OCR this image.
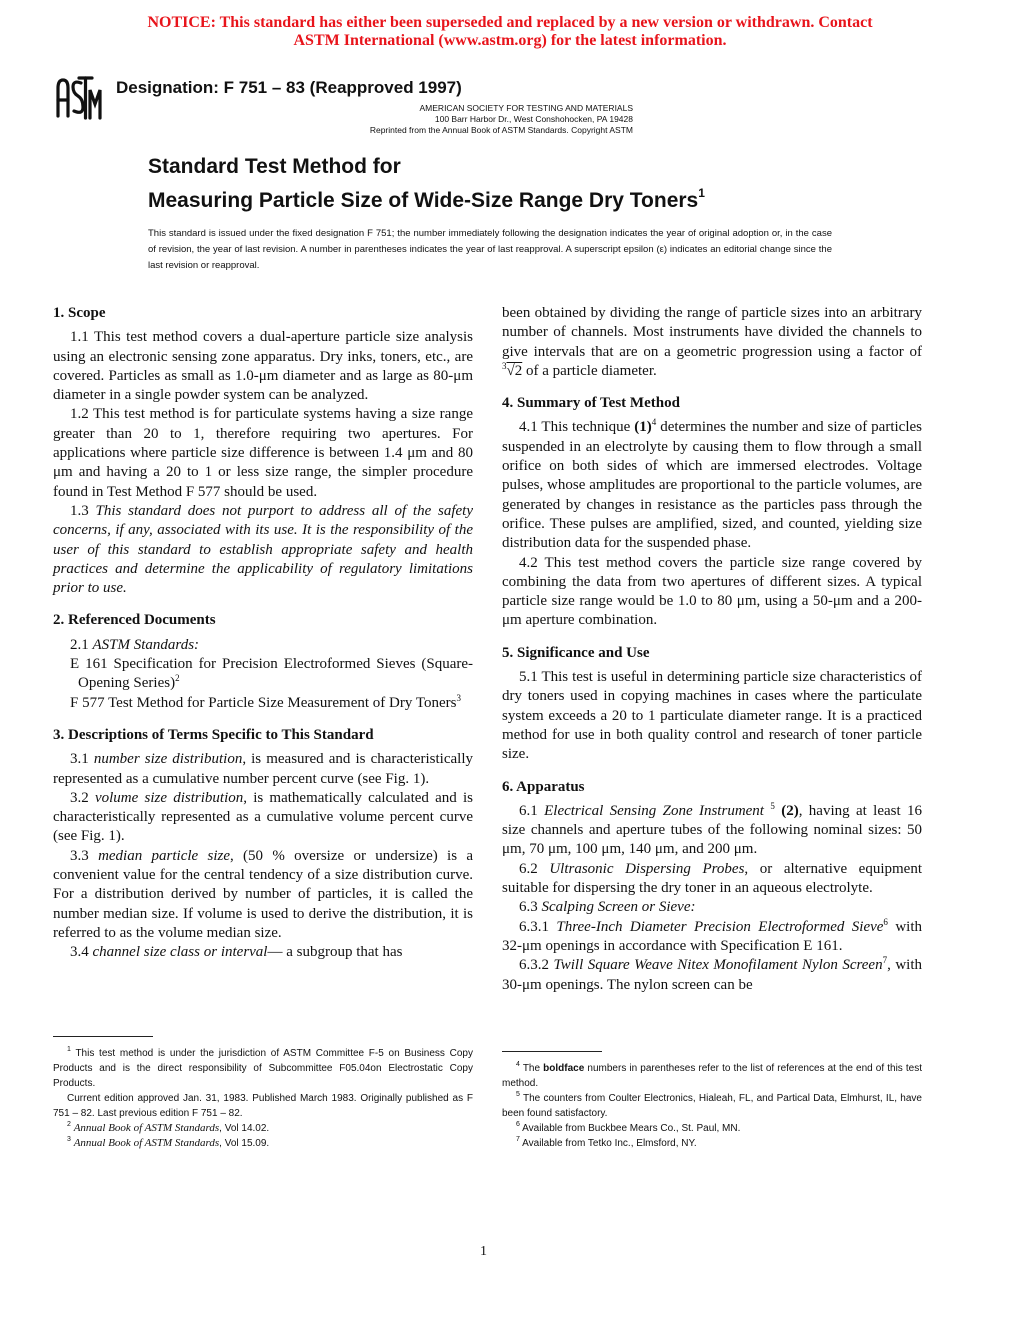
NOTICE: This standard has either been superseded and replaced by a new version or withdrawn. Contact
ASTM International (www.astm.org) for the latest information.
Designation: F 751 – 83 (Reapproved 1997)
AMERICAN SOCIETY FOR TESTING AND MATERIALS
100 Barr Harbor Dr., West Conshohocken, PA 19428
Reprinted from the Annual Book of ASTM Standards. Copyright ASTM
Standard Test Method for
Measuring Particle Size of Wide-Size Range Dry Toners$^1$
This standard is issued under the fixed designation F 751; the number immediately following the designation indicates the year of original adoption or, in the case of revision, the year of last revision. A number in parentheses indicates the year of last reapproval. A superscript epsilon (ε) indicates an editorial change since the last revision or reapproval.
1. Scope

1.1 This test method covers a dual-aperture particle size analysis using an electronic sensing zone apparatus. Dry inks, toners, etc., are covered. Particles as small as 1.0-μm diameter and as large as 80-μm diameter in a single powder system can be analyzed.

1.2 This test method is for particulate systems having a size range greater than 20 to 1, therefore requiring two apertures. For applications where particle size difference is between 1.4 μm and 80 μm and having a 20 to 1 or less size range, the simpler procedure found in Test Method F 577 should be used.

1.3 This standard does not purport to address all of the safety concerns, if any, associated with its use. It is the responsibility of the user of this standard to establish appropriate safety and health practices and determine the applicability of regulatory limitations prior to use.

2. Referenced Documents

2.1 ASTM Standards:

E 161 Specification for Precision Electroformed Sieves (Square-Opening Series)$^2$

F 577 Test Method for Particle Size Measurement of Dry Toners$^3$

3. Descriptions of Terms Specific to This Standard

3.1 number size distribution, is measured and is characteristically represented as a cumulative number percent curve (see Fig. 1).

3.2 volume size distribution, is mathematically calculated and is characteristically represented as a cumulative volume percent curve (see Fig. 1).

3.3 median particle size, (50 % oversize or undersize) is a convenient value for the central tendency of a size distribution curve. For a distribution derived by number of particles, it is called the number median size. If volume is used to derive the distribution, it is referred to as the volume median size.

3.4 channel size class or interval— a subgroup that has

$^1$ This test method is under the jurisdiction of ASTM Committee F-5 on Business Copy Products and is the direct responsibility of Subcommittee F05.04on Electrostatic Copy Products.

Current edition approved Jan. 31, 1983. Published March 1983. Originally published as F 751 – 82. Last previous edition F 751 – 82.

$^2$ Annual Book of ASTM Standards, Vol 14.02.

$^3$ Annual Book of ASTM Standards, Vol 15.09.

been obtained by dividing the range of particle sizes into an arbitrary number of channels. Most instruments have divided the channels to give intervals that are on a geometric progression using a factor of $^3$√2 of a particle diameter.

4. Summary of Test Method

4.1 This technique $(1)^4$ determines the number and size of particles suspended in an electrolyte by causing them to flow through a small orifice on both sides of which are immersed electrodes. Voltage pulses, whose amplitudes are proportional to the particle volumes, are generated by changes in resistance as the particles pass through the orifice. These pulses are amplified, sized, and counted, yielding size distribution data for the suspended phase.

4.2 This test method covers the particle size range covered by combining the data from two apertures of different sizes. A typical particle size range would be 1.0 to 80 μm, using a 50-μm and a 200-μm aperture combination.

5. Significance and Use

5.1 This test is useful in determining particle size characteristics of dry toners used in copying machines in cases where the particulate system exceeds a 20 to 1 particulate diameter range. It is a practiced method for use in both quality control and research of toner particle size.

6. Apparatus

6.1 Electrical Sensing Zone Instrument $^5$ (2), having at least 16 size channels and aperture tubes of the following nominal sizes: 50 μm, 70 μm, 100 μm, 140 μm, and 200 μm.

6.2 Ultrasonic Dispersing Probes, or alternative equipment suitable for dispersing the dry toner in an aqueous electrolyte.

6.3 Scalping Screen or Sieve:

6.3.1 Three-Inch Diameter Precision Electroformed Sieve$^6$ with 32-μm openings in accordance with Specification E 161.

6.3.2 Twill Square Weave Nitex Monofilament Nylon Screen$^7$, with 30-μm openings. The nylon screen can be

$^4$ The boldface numbers in parentheses refer to the list of references at the end of this test method.

$^5$ The counters from Coulter Electronics, Hialeah, FL, and Partical Data, Elmhurst, IL, have been found satisfactory.

$^6$ Available from Buckbee Mears Co., St. Paul, MN.

$^7$ Available from Tetko Inc., Elmsford, NY.

1
